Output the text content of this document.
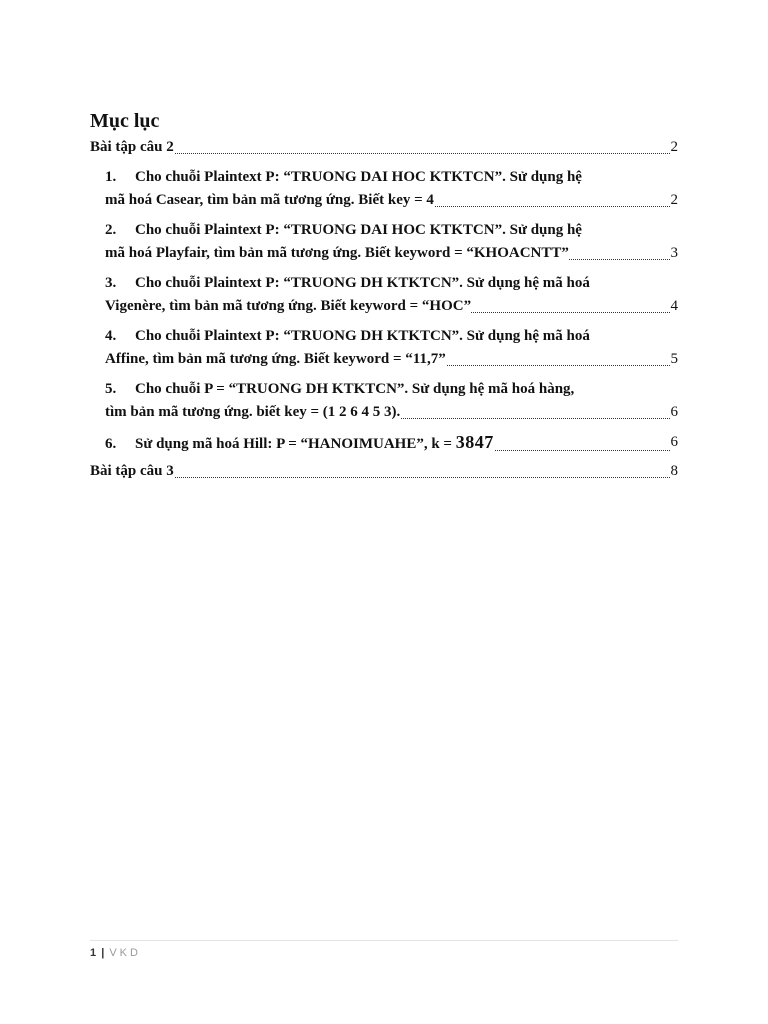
Mục lục
Bài tập câu 2	2
1. Cho chuỗi Plaintext P: “TRUONG DAI HOC KTKTCN”. Sử dụng hệ
mã hoá Casear, tìm bản mã tương ứng. Biết key = 4	2
2. Cho chuỗi Plaintext P: “TRUONG DAI HOC KTKTCN”. Sử dụng hệ
mã hoá Playfair, tìm bản mã tương ứng. Biết keyword = “KHOACNTT”	3
3. Cho chuỗi Plaintext P: “TRUONG DH KTKTCN”. Sử dụng hệ mã hoá
Vigenère, tìm bản mã tương ứng. Biết keyword = “HOC”	4
4. Cho chuỗi Plaintext P: “TRUONG DH KTKTCN”. Sử dụng hệ mã hoá
Affine, tìm bản mã tương ứng. Biết keyword = “11,7”	5
5. Cho chuỗi P = “TRUONG DH KTKTCN”. Sử dụng hệ mã hoá hàng,
tìm bản mã tương ứng. biết key = (1 2 6 4 5 3).	6
6. Sử dụng mã hoá Hill: P = “HANOIMUAHE”, k = 3847	6
Bài tập câu 3	8
1 | VKD
